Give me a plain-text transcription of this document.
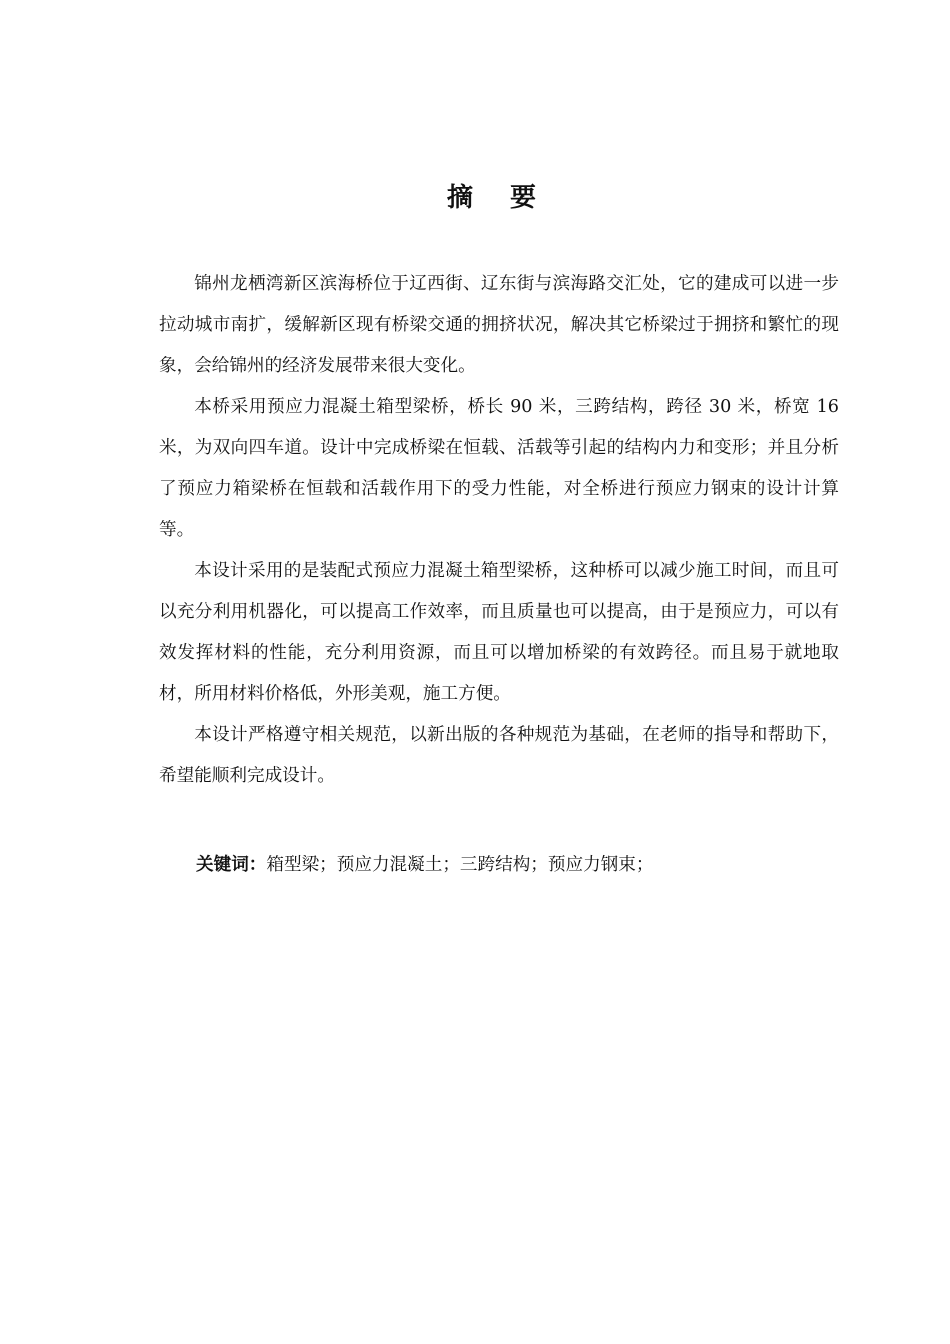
摘 要

锦州龙栖湾新区滨海桥位于辽西街、辽东街与滨海路交汇处，它的建成可以进一步拉动城市南扩，缓解新区现有桥梁交通的拥挤状况，解决其它桥梁过于拥挤和繁忙的现象，会给锦州的经济发展带来很大变化。

本桥采用预应力混凝土箱型梁桥，桥长 90 米，三跨结构，跨径 30 米，桥宽 16 米，为双向四车道。设计中完成桥梁在恒载、活载等引起的结构内力和变形；并且分析了预应力箱梁桥在恒载和活载作用下的受力性能，对全桥进行预应力钢束的设计计算等。

本设计采用的是装配式预应力混凝土箱型梁桥，这种桥可以减少施工时间，而且可以充分利用机器化，可以提高工作效率，而且质量也可以提高，由于是预应力，可以有效发挥材料的性能，充分利用资源，而且可以增加桥梁的有效跨径。而且易于就地取材，所用材料价格低，外形美观，施工方便。

本设计严格遵守相关规范，以新出版的各种规范为基础，在老师的指导和帮助下，希望能顺利完成设计。

关键词：箱型梁；预应力混凝土；三跨结构；预应力钢束；
